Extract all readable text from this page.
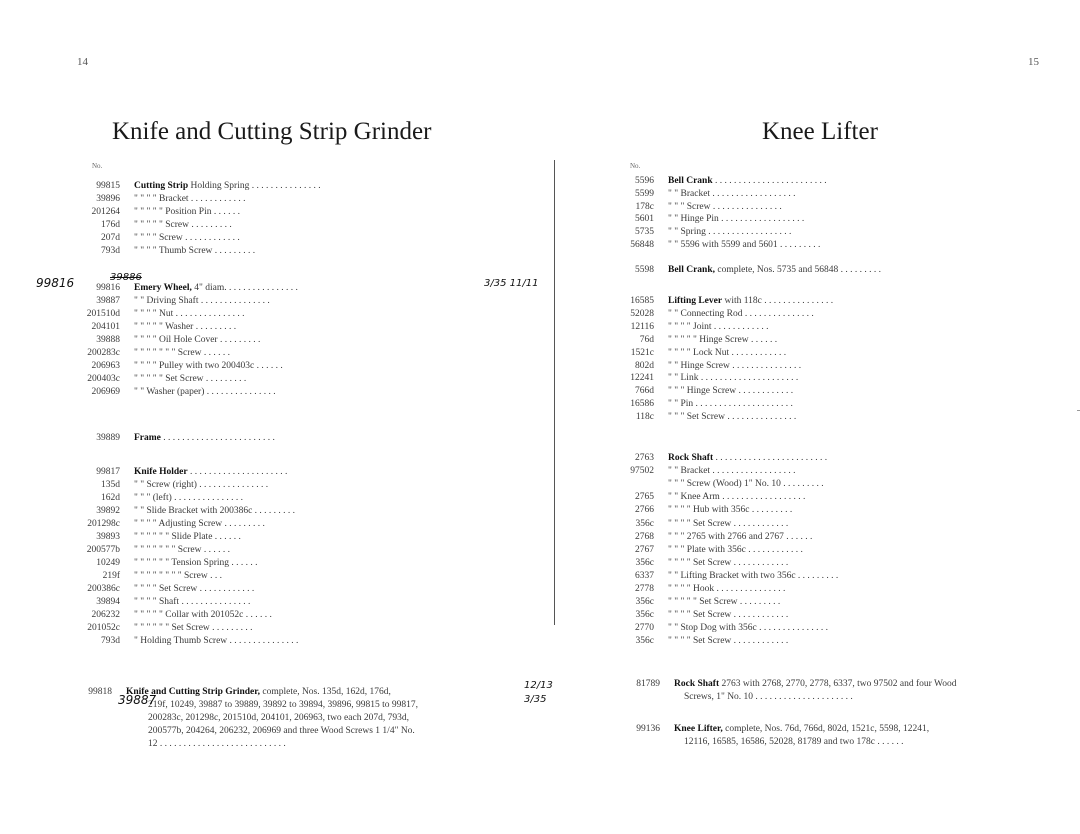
14
Knife and Cutting Strip Grinder
No.
99815 Cutting Strip Holding Spring . . . . . . . . . . . . . . .
39896 " " " " Bracket . . . . . . . . . . . .
201264 " " " " " Position Pin . . . . . .
176d " " " " " Screw . . . . . . . . .
207d " " " " Screw . . . . . . . . . . . .
793d " " " " Thumb Screw . . . . . . . . .
99816 Emery Wheel, 4" diam. . . . . . . . . . . . . . . .
39887 " " Driving Shaft . . . . . . . . . . . . . . .
201510d " " " " Nut . . . . . . . . . . . . . . .
204101 " " " " " Washer . . . . . . . . .
39888 " " " " Oil Hole Cover . . . . . . . . .
200283c " " " " " " " Screw . . . . . .
206963 " " " " Pulley with two 200403c . . . . . .
200403c " " " " " Set Screw . . . . . . . . .
206969 " " Washer (paper) . . . . . . . . . . . . . . .
39889 Frame . . . . . . . . . . . . . . . . . . . . . . . .
99817 Knife Holder . . . . . . . . . . . . . . . . . . . . .
135d " " Screw (right) . . . . . . . . . . . . . . .
162d " " " (left) . . . . . . . . . . . . . . .
39892 " " Slide Bracket with 200386c . . . . . . . . .
201298c " " " " Adjusting Screw . . . . . . . . .
39893 " " " " " " Slide Plate . . . . . .
200577b " " " " " " " Screw . . . . . .
10249 " " " " " " Tension Spring . . . . . .
219f " " " " " " " " Screw . . .
200386c " " " " Set Screw . . . . . . . . . . . .
39894 " " " " Shaft . . . . . . . . . . . . . . .
206232 " " " " " Collar with 201052c . . . . . .
201052c " " " " " " Set Screw . . . . . . . . .
793d " Holding Thumb Screw . . . . . . . . . . . . . . .
99818 Knife and Cutting Strip Grinder, complete, Nos. 135d, 162d, 176d,
219f, 10249, 39887 to 39889, 39892 to 39894, 39896, 99815 to 99817,
200283c, 201298c, 201510d, 204101, 206963, two each 207d, 793d,
200577b, 204264, 206232, 206969 and three Wood Screws 1 1/4" No.
12 . . . . . . . . . . . . . . . . . . . . . . . . . . .
99816	39886
3/35 11/11
39887
12/13
3/35
15
Knee Lifter
No.
5596 Bell Crank . . . . . . . . . . . . . . . . . . . . . . . .
5599 " " Bracket . . . . . . . . . . . . . . . . . .
178c " " " Screw . . . . . . . . . . . . . . .
5601 " " Hinge Pin . . . . . . . . . . . . . . . . . .
5735 " " Spring . . . . . . . . . . . . . . . . . .
56848 " " 5596 with 5599 and 5601 . . . . . . . . .
5598 Bell Crank, complete, Nos. 5735 and 56848 . . . . . . . . .
16585 Lifting Lever with 118c . . . . . . . . . . . . . . .
52028 " " Connecting Rod . . . . . . . . . . . . . . .
12116 " " " " Joint . . . . . . . . . . . .
76d " " " " " Hinge Screw . . . . . .
1521c " " " " Lock Nut . . . . . . . . . . . .
802d " " Hinge Screw . . . . . . . . . . . . . . .
12241 " " Link . . . . . . . . . . . . . . . . . . . . .
766d " " " Hinge Screw . . . . . . . . . . . .
16586 " " Pin . . . . . . . . . . . . . . . . . . . . .
118c " " " Set Screw . . . . . . . . . . . . . . .
2763 Rock Shaft . . . . . . . . . . . . . . . . . . . . . . . .
97502 " " Bracket . . . . . . . . . . . . . . . . . .
" " " Screw (Wood) 1" No. 10 . . . . . . . . .
2765 " " Knee Arm . . . . . . . . . . . . . . . . . .
2766 " " " " Hub with 356c . . . . . . . . .
356c " " " " Set Screw . . . . . . . . . . . .
2768 " " " 2765 with 2766 and 2767 . . . . . .
2767 " " " Plate with 356c . . . . . . . . . . . .
356c " " " " Set Screw . . . . . . . . . . . .
6337 " " Lifting Bracket with two 356c . . . . . . . . .
2778 " " " " Hook . . . . . . . . . . . . . . .
356c " " " " " Set Screw . . . . . . . . .
356c " " " " Set Screw . . . . . . . . . . . .
2770 " " Stop Dog with 356c . . . . . . . . . . . . . . .
356c " " " " Set Screw . . . . . . . . . . . .
81789 Rock Shaft 2763 with 2768, 2770, 2778, 6337, two 97502 and four Wood
Screws, 1" No. 10 . . . . . . . . . . . . . . . . . . . . .
99136 Knee Lifter, complete, Nos. 76d, 766d, 802d, 1521c, 5598, 12241,
12116, 16585, 16586, 52028, 81789 and two 178c . . . . . .
